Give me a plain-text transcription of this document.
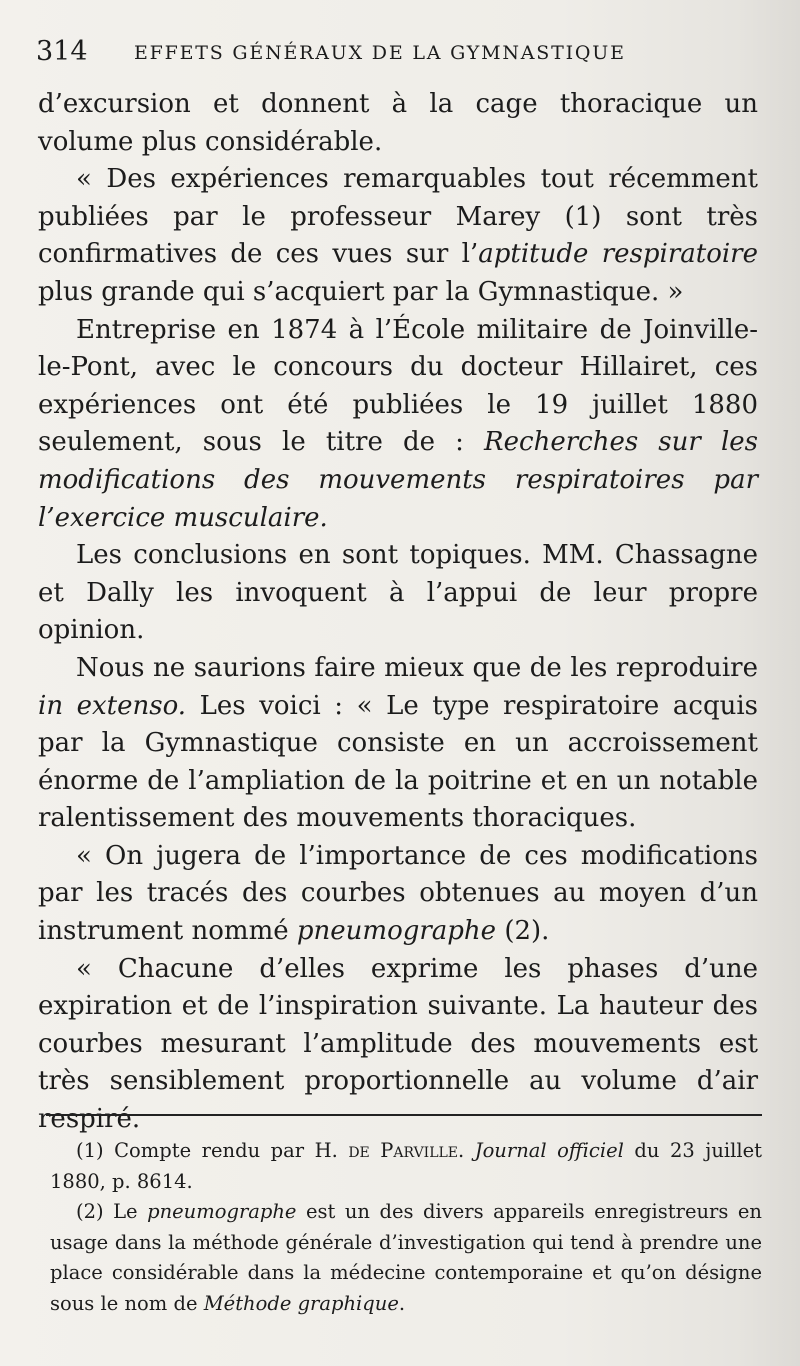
314 EFFETS GÉNÉRAUX DE LA GYMNASTIQUE

d’excursion et donnent à la cage thoracique un volume plus considérable.

« Des expériences remarquables tout récemment publiées par le professeur Marey (1) sont très confirmatives de ces vues sur l’aptitude respiratoire plus grande qui s’acquiert par la Gymnastique. »

Entreprise en 1874 à l’École militaire de Joinville-le-Pont, avec le concours du docteur Hillairet, ces expériences ont été publiées le 19 juillet 1880 seulement, sous le titre de : Recherches sur les modifications des mouvements respiratoires par l’exercice musculaire.

Les conclusions en sont topiques. MM. Chassagne et Dally les invoquent à l’appui de leur propre opinion.

Nous ne saurions faire mieux que de les reproduire in extenso. Les voici : « Le type respiratoire acquis par la Gymnastique consiste en un accroissement énorme de l’ampliation de la poitrine et en un notable ralentissement des mouvements thoraciques.

« On jugera de l’importance de ces modifications par les tracés des courbes obtenues au moyen d’un instrument nommé pneumographe (2).

« Chacune d’elles exprime les phases d’une expiration et de l’inspiration suivante. La hauteur des courbes mesurant l’amplitude des mouvements est très sensiblement proportionnelle au volume d’air respiré.

(1) Compte rendu par H. de Parville. Journal officiel du 23 juillet 1880, p. 8614.

(2) Le pneumographe est un des divers appareils enregistreurs en usage dans la méthode générale d’investigation qui tend à prendre une place considérable dans la médecine contemporaine et qu’on désigne sous le nom de Méthode graphique.
